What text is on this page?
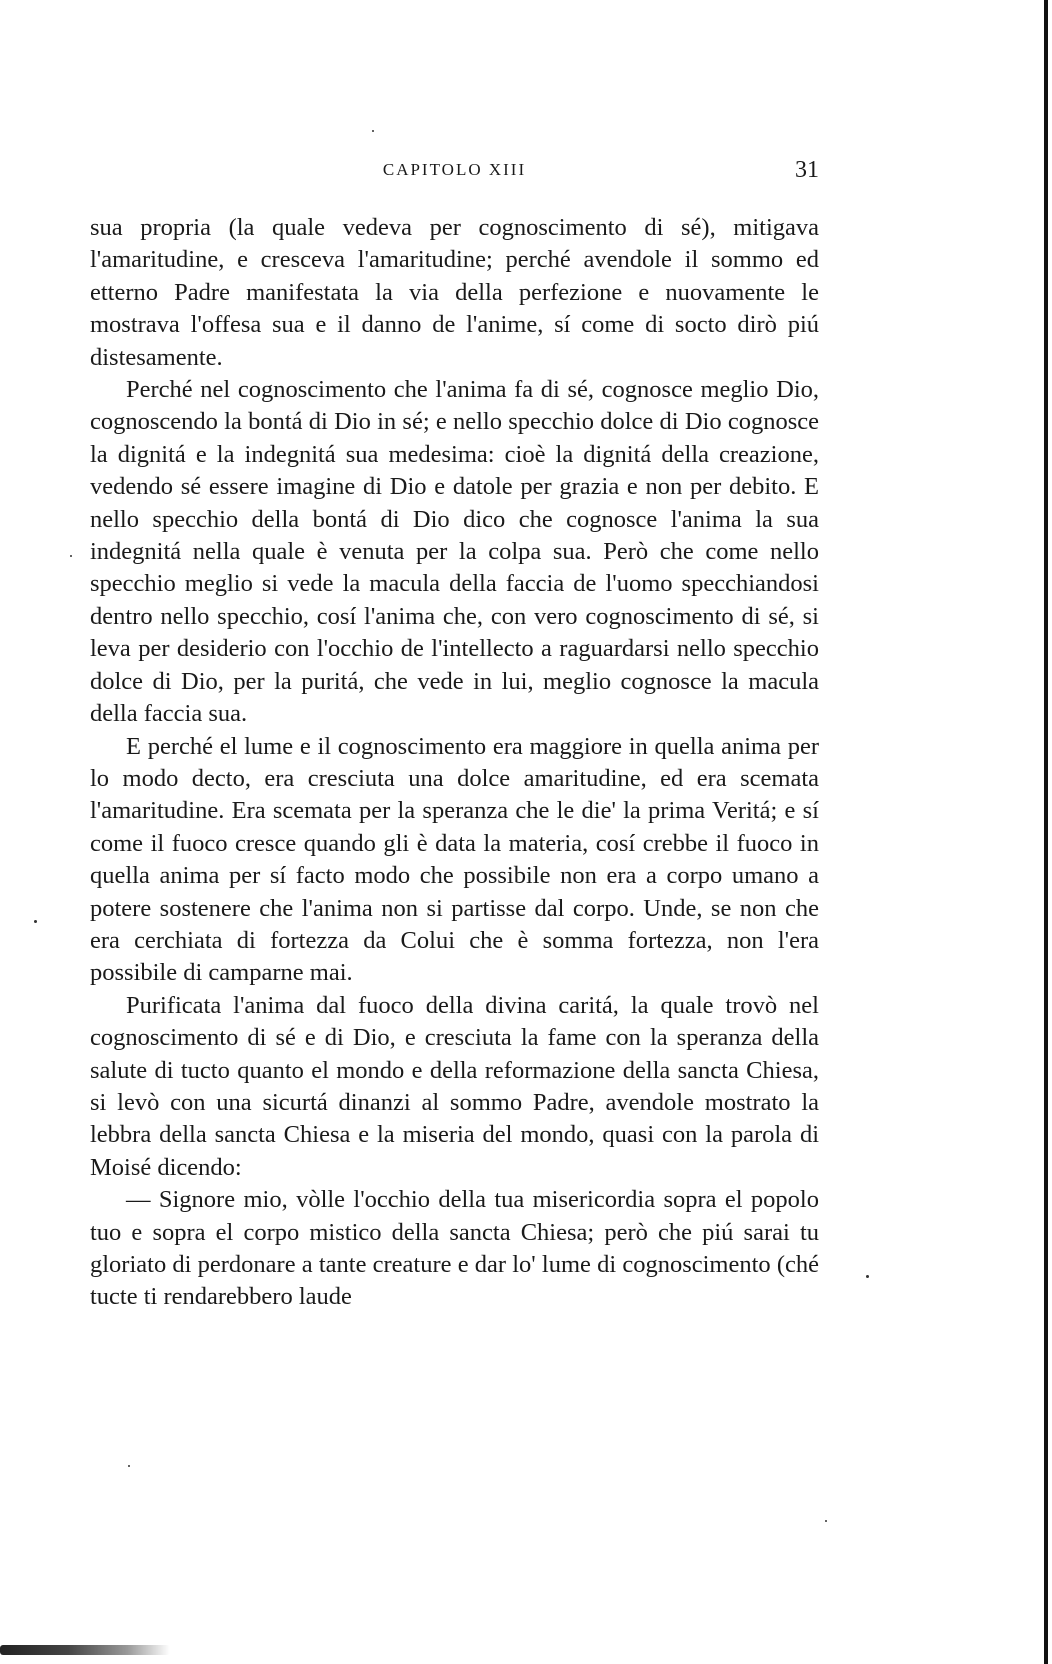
CAPITOLO XIII	31

sua propria (la quale vedeva per cognoscimento di sé), mitigava l'amaritudine, e cresceva l'amaritudine; perché avendole il sommo ed etterno Padre manifestata la via della perfezione e nuovamente le mostrava l'offesa sua e il danno de l'anime, sí come di socto dirò piú distesamente.

Perché nel cognoscimento che l'anima fa di sé, cognosce meglio Dio, cognoscendo la bontá di Dio in sé; e nello specchio dolce di Dio cognosce la dignitá e la indegnitá sua medesima: cioè la dignitá della creazione, vedendo sé essere imagine di Dio e datole per grazia e non per debito. E nello specchio della bontá di Dio dico che cognosce l'anima la sua indegnitá nella quale è venuta per la colpa sua. Però che come nello specchio meglio si vede la macula della faccia de l'uomo specchiandosi dentro nello specchio, cosí l'anima che, con vero cognoscimento di sé, si leva per desiderio con l'occhio de l'intellecto a raguardarsi nello specchio dolce di Dio, per la puritá, che vede in lui, meglio cognosce la macula della faccia sua.

E perché el lume e il cognoscimento era maggiore in quella anima per lo modo decto, era cresciuta una dolce amaritudine, ed era scemata l'amaritudine. Era scemata per la speranza che le die' la prima Veritá; e sí come il fuoco cresce quando gli è data la materia, cosí crebbe il fuoco in quella anima per sí facto modo che possibile non era a corpo umano a potere sostenere che l'anima non si partisse dal corpo. Unde, se non che era cerchiata di fortezza da Colui che è somma fortezza, non l'era possibile di camparne mai.

Purificata l'anima dal fuoco della divina caritá, la quale trovò nel cognoscimento di sé e di Dio, e cresciuta la fame con la speranza della salute di tucto quanto el mondo e della reformazione della sancta Chiesa, si levò con una sicurtá dinanzi al sommo Padre, avendole mostrato la lebbra della sancta Chiesa e la miseria del mondo, quasi con la parola di Moisé dicendo:

— Signore mio, vòlle l'occhio della tua misericordia sopra el popolo tuo e sopra el corpo mistico della sancta Chiesa; però che piú sarai tu gloriato di perdonare a tante creature e dar lo' lume di cognoscimento (ché tucte ti rendarebbero laude
